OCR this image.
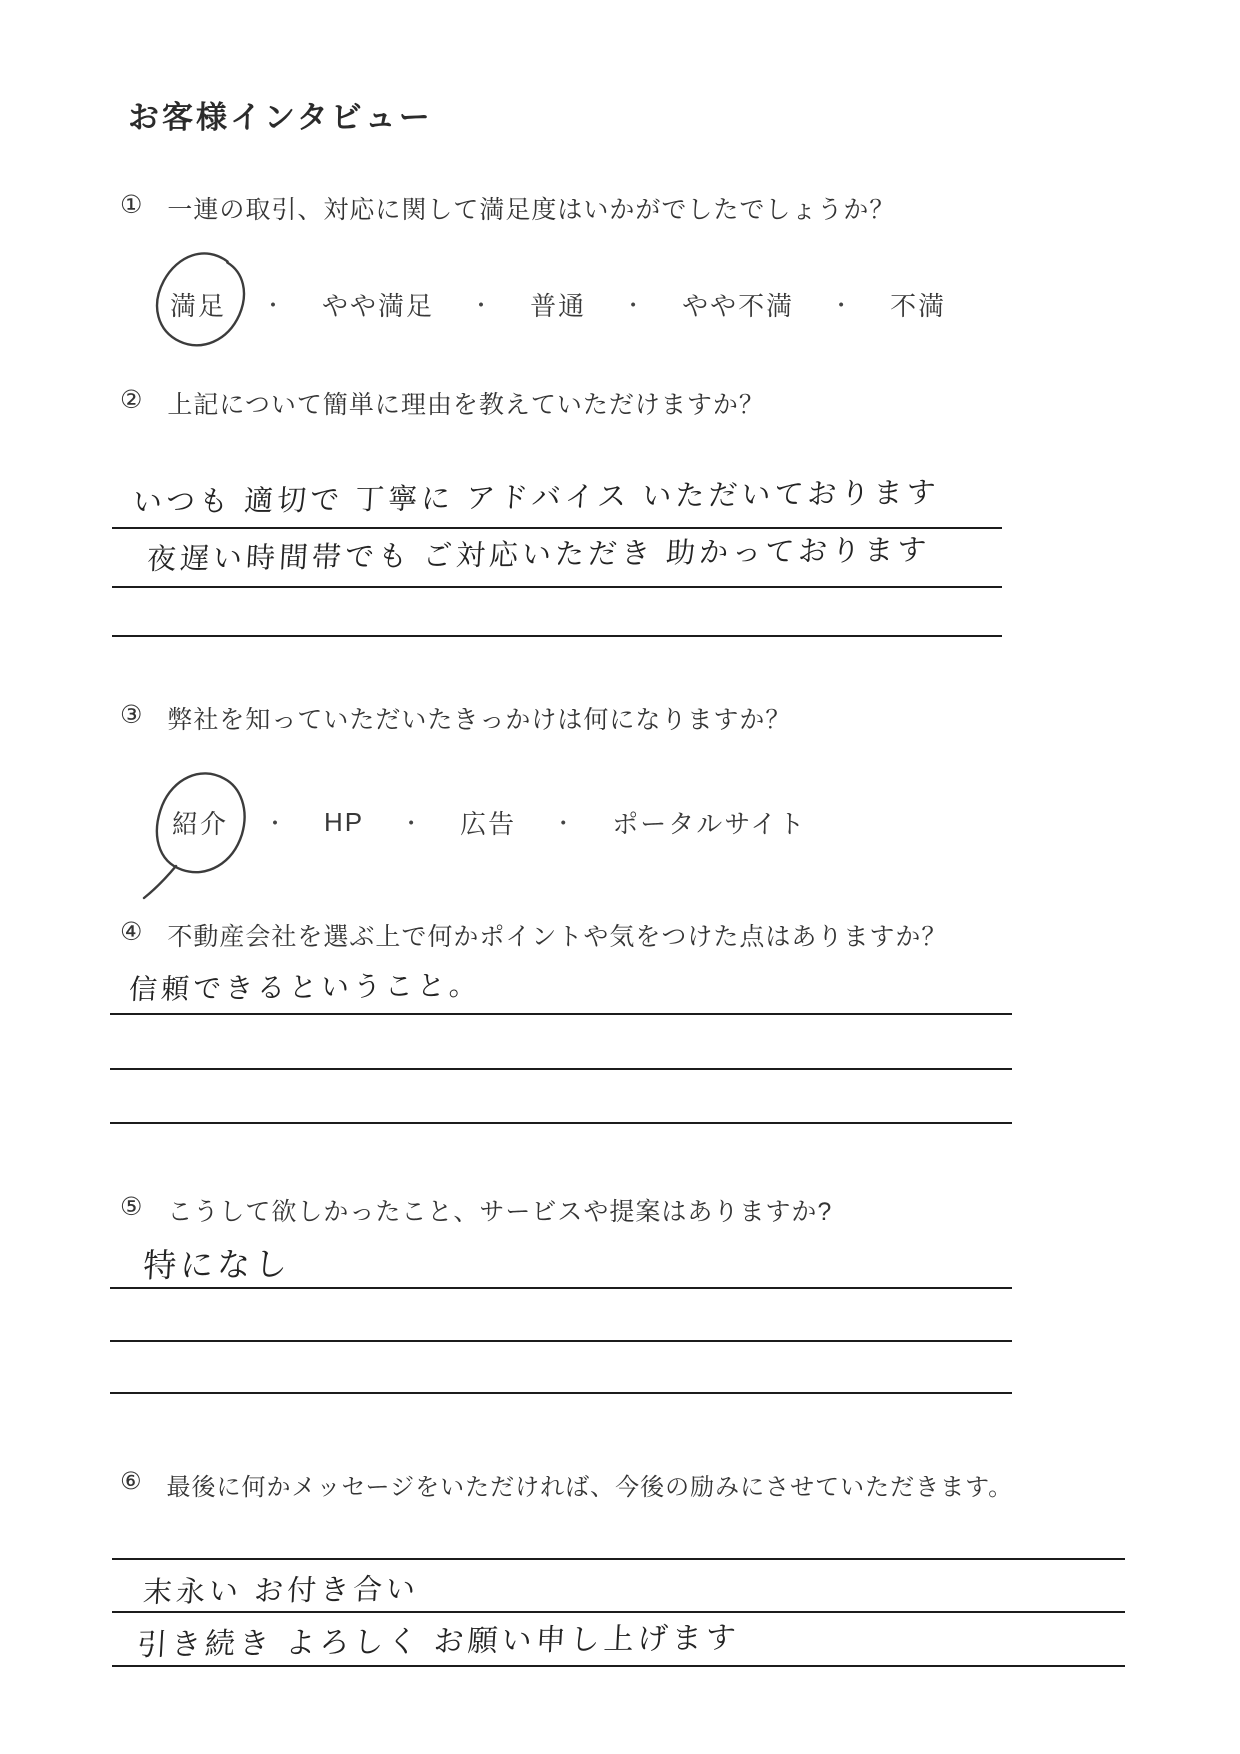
お客様インタビュー
① 一連の取引、対応に関して満足度はいかがでしたでしょうか？
満足 ・ やや満足 ・ 普通 ・ やや不満 ・ 不満
② 上記について簡単に理由を教えていただけますか？
いつも 適切で 丁寧に アドバイス いただいております
夜遅い時間帯でも ご対応いただき 助かっております
③ 弊社を知っていただいたきっかけは何になりますか？
紹介 ・ HP ・ 広告 ・ ポータルサイト
④ 不動産会社を選ぶ上で何かポイントや気をつけた点はありますか？
信頼できるということ。
⑤ こうして欲しかったこと、サービスや提案はありますか?
特になし
⑥ 最後に何かメッセージをいただければ、今後の励みにさせていただきます。
末永い お付き合い
引き続き よろしく お願い申し上げます
